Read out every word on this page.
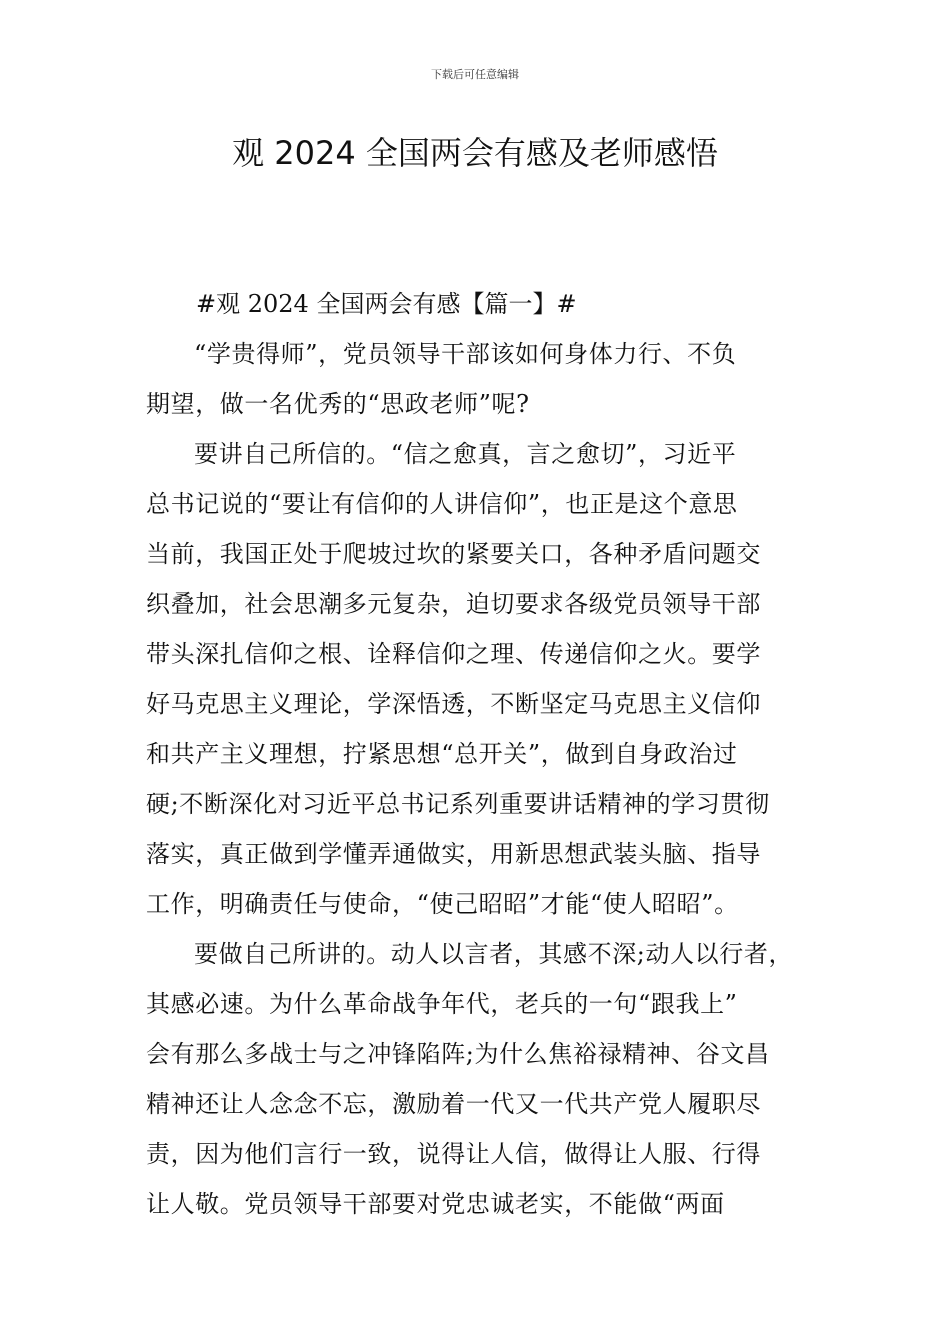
下载后可任意编辑
观 2024 全国两会有感及老师感悟
#观 2024 全国两会有感【篇一】#
“学贵得师”，党员领导干部该如何身体力行、不负
期望，做一名优秀的“思政老师”呢?
要讲自己所信的。“信之愈真，言之愈切”，习近平
总书记说的“要让有信仰的人讲信仰”，也正是这个意思
当前，我国正处于爬坡过坎的紧要关口，各种矛盾问题交
织叠加，社会思潮多元复杂，迫切要求各级党员领导干部
带头深扎信仰之根、诠释信仰之理、传递信仰之火。要学
好马克思主义理论，学深悟透，不断坚定马克思主义信仰
和共产主义理想，拧紧思想“总开关”，做到自身政治过
硬;不断深化对习近平总书记系列重要讲话精神的学习贯彻
落实，真正做到学懂弄通做实，用新思想武装头脑、指导
工作，明确责任与使命，“使己昭昭”才能“使人昭昭”。
要做自己所讲的。动人以言者，其感不深;动人以行者，
其感必速。为什么革命战争年代，老兵的一句“跟我上”
会有那么多战士与之冲锋陷阵;为什么焦裕禄精神、谷文昌
精神还让人念念不忘，激励着一代又一代共产党人履职尽
责，因为他们言行一致，说得让人信，做得让人服、行得
让人敬。党员领导干部要对党忠诚老实，不能做“两面
